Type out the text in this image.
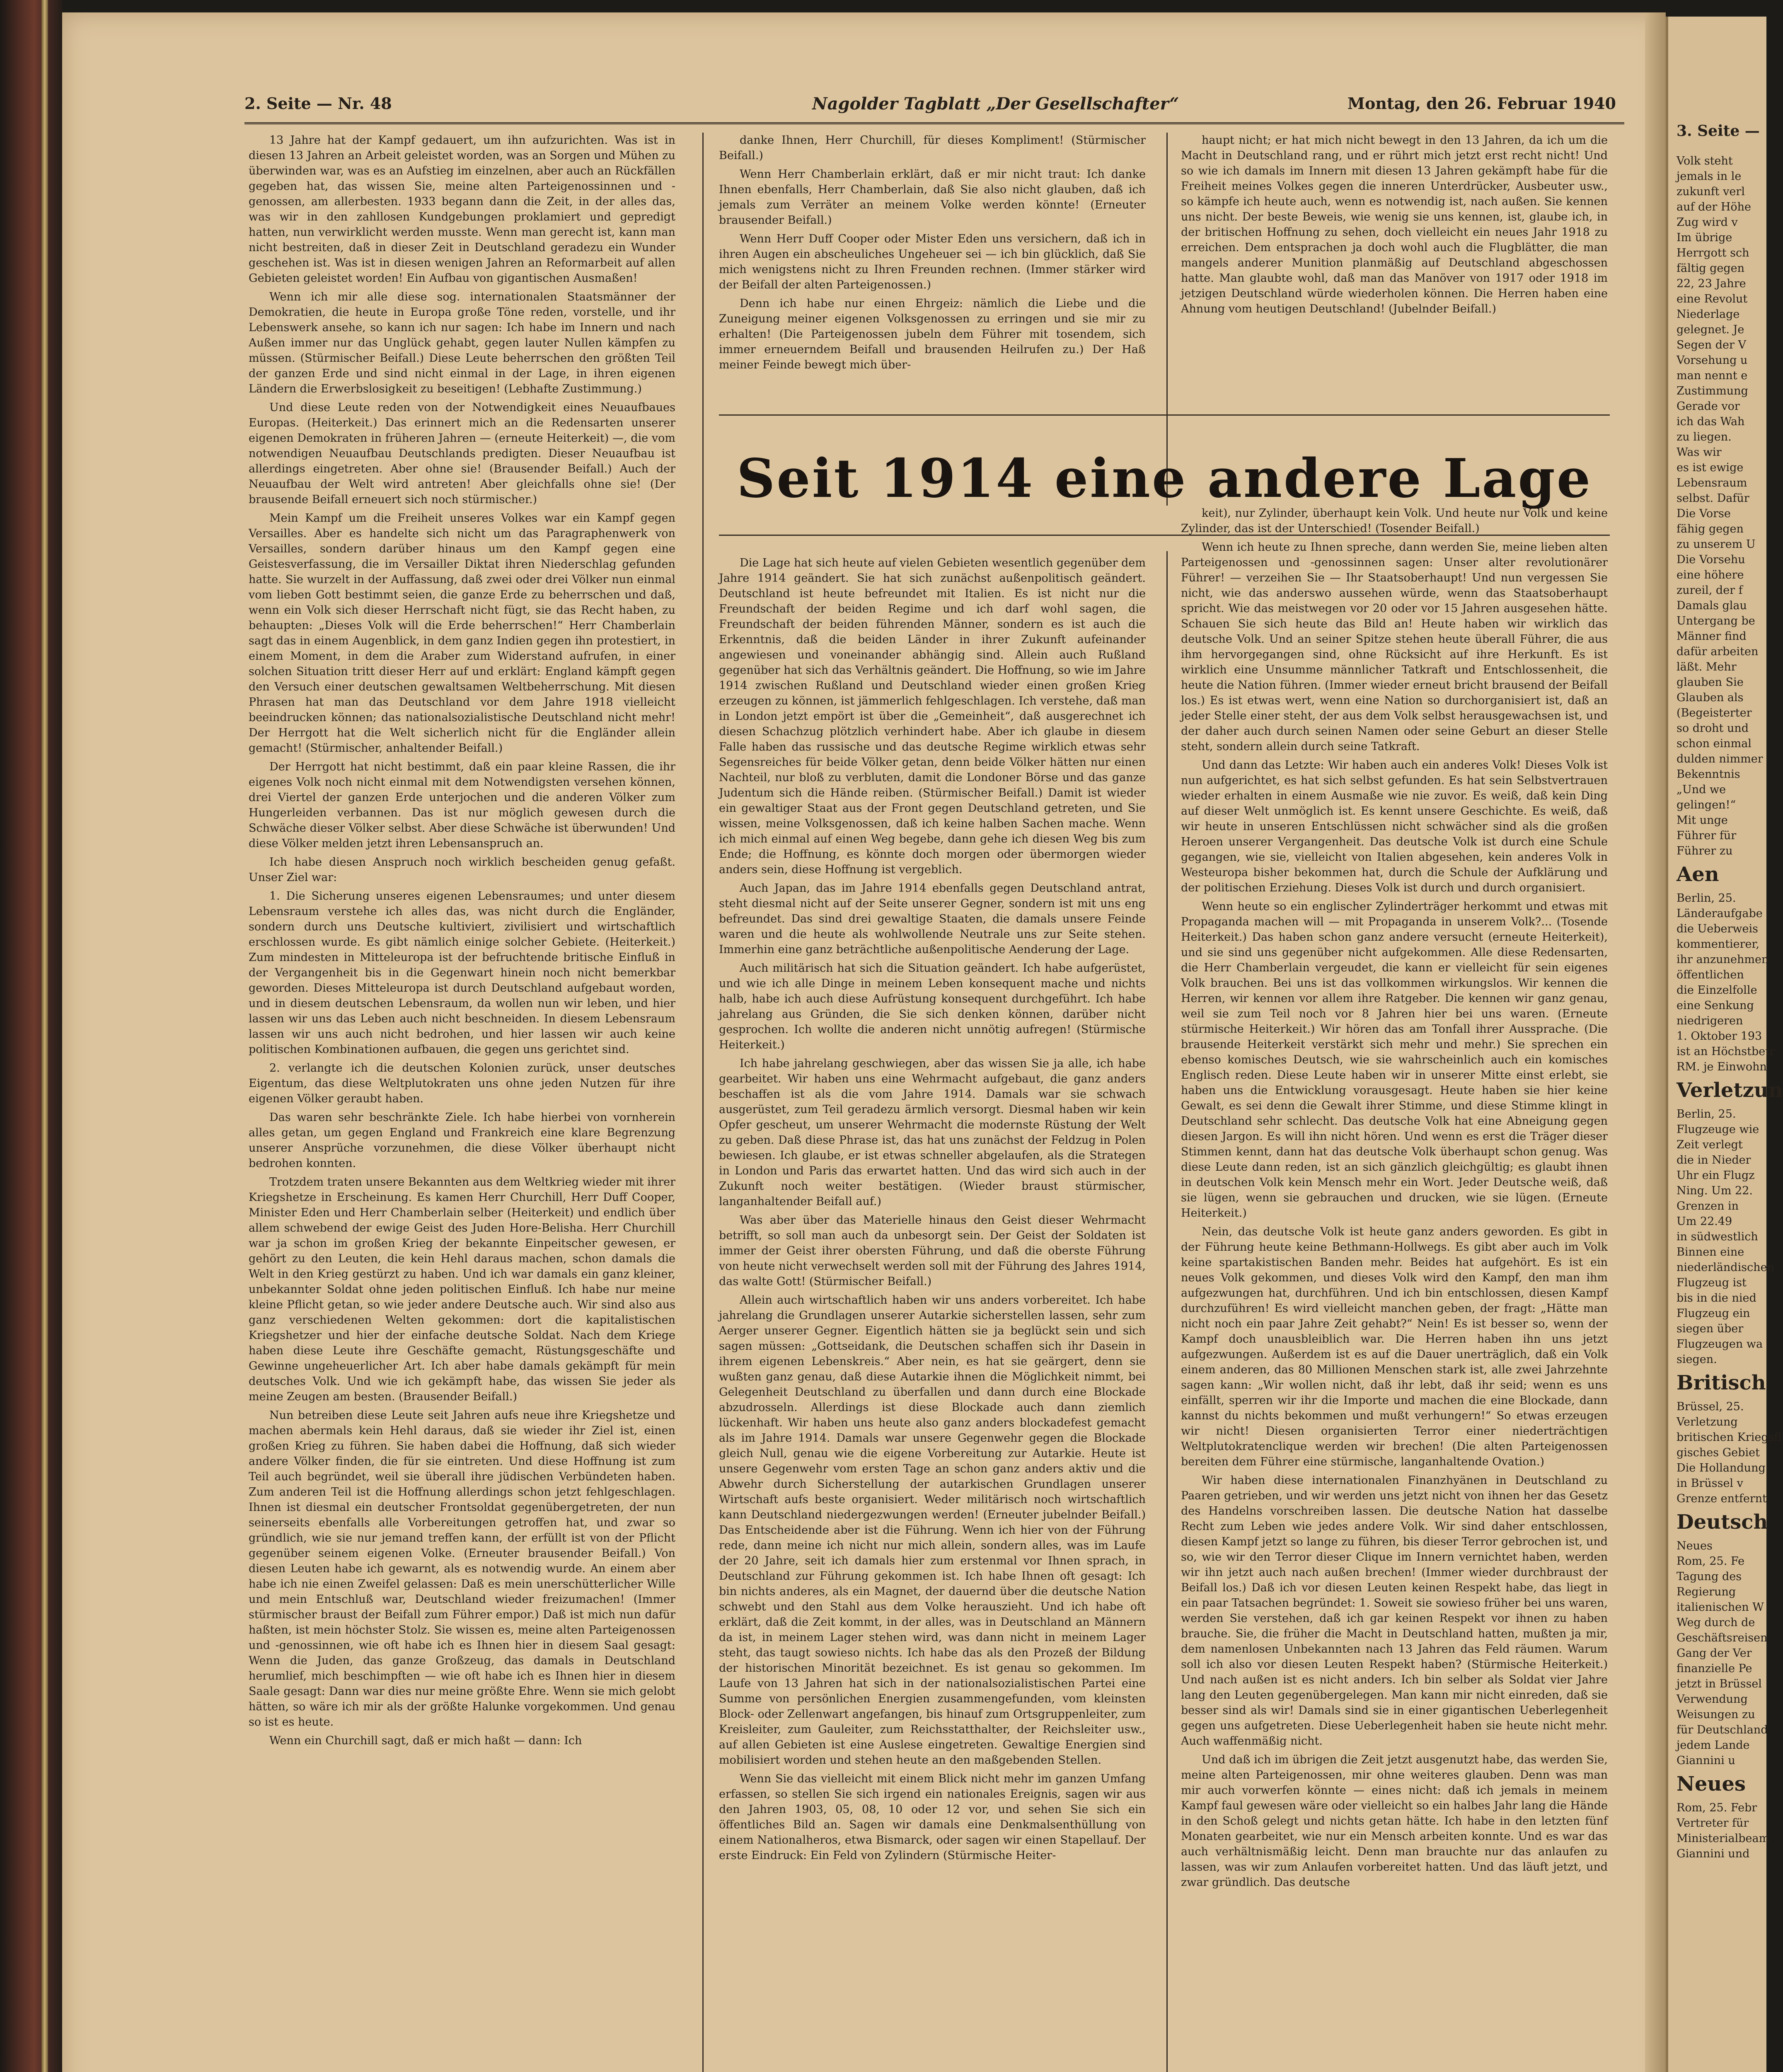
2. Seite — Nr. 48	Nagolder Tagblatt „Der Gesellschafter“	Montag, den 26. Februar 1940

13 Jahre hat der Kampf gedauert, um ihn aufzurichten. Was ist in diesen 13 Jahren an Arbeit geleistet worden, was an Sorgen und Mühen zu überwinden war, was es an Aufstieg im einzelnen, aber auch an Rückfällen gegeben hat, das wissen Sie, meine alten Parteigenossinnen und -genossen, am allerbesten. 1933 begann dann die Zeit, in der alles das, was wir in den zahllosen Kundgebungen proklamiert und gepredigt hatten, nun verwirklicht werden musste. Wenn man gerecht ist, kann man nicht bestreiten, daß in dieser Zeit in Deutschland geradezu ein Wunder geschehen ist. Was ist in diesen wenigen Jahren an Reformarbeit auf allen Gebieten geleistet worden! Ein Aufbau von gigantischen Ausmaßen!

Wenn ich mir alle diese sog. internationalen Staatsmänner der Demokratien, die heute in Europa große Töne reden, vorstelle, und ihr Lebenswerk ansehe, so kann ich nur sagen: Ich habe im Innern und nach Außen immer nur das Unglück gehabt, gegen lauter Nullen kämpfen zu müssen. (Stürmischer Beifall.) Diese Leute beherrschen den größten Teil der ganzen Erde und sind nicht einmal in der Lage, in ihren eigenen Ländern die Erwerbslosigkeit zu beseitigen! (Lebhafte Zustimmung.)

Und diese Leute reden von der Notwendigkeit eines Neuaufbaues Europas. (Heiterkeit.) Das erinnert mich an die Redensarten unserer eigenen Demokraten in früheren Jahren — (erneute Heiterkeit) —, die vom notwendigen Neuaufbau Deutschlands predigten. Dieser Neuaufbau ist allerdings eingetreten. Aber ohne sie! (Brausender Beifall.) Auch der Neuaufbau der Welt wird antreten! Aber gleichfalls ohne sie! (Der brausende Beifall erneuert sich noch stürmischer.)

Mein Kampf um die Freiheit unseres Volkes war ein Kampf gegen Versailles. Aber es handelte sich nicht um das Paragraphenwerk von Versailles, sondern darüber hinaus um den Kampf gegen eine Geistesverfassung, die im Versailler Diktat ihren Niederschlag gefunden hatte. Sie wurzelt in der Auffassung, daß zwei oder drei Völker nun einmal vom lieben Gott bestimmt seien, die ganze Erde zu beherrschen und daß, wenn ein Volk sich dieser Herrschaft nicht fügt, sie das Recht haben, zu behaupten: „Dieses Volk will die Erde beherrschen!“ Herr Chamberlain sagt das in einem Augenblick, in dem ganz Indien gegen ihn protestiert, in einem Moment, in dem die Araber zum Widerstand aufrufen, in einer solchen Situation tritt dieser Herr auf und erklärt: England kämpft gegen den Versuch einer deutschen gewaltsamen Weltbeherrschung. Mit diesen Phrasen hat man das Deutschland vor dem Jahre 1918 vielleicht beeindrucken können; das nationalsozialistische Deutschland nicht mehr! Der Herrgott hat die Welt sicherlich nicht für die Engländer allein gemacht! (Stürmischer, anhaltender Beifall.)

Der Herrgott hat nicht bestimmt, daß ein paar kleine Rassen, die ihr eigenes Volk noch nicht einmal mit dem Notwendigsten versehen können, drei Viertel der ganzen Erde unterjochen und die anderen Völker zum Hungerleiden verbannen. Das ist nur möglich gewesen durch die Schwäche dieser Völker selbst. Aber diese Schwäche ist überwunden! Und diese Völker melden jetzt ihren Lebensanspruch an.

Ich habe diesen Anspruch noch wirklich bescheiden genug gefaßt. Unser Ziel war:

1. Die Sicherung unseres eigenen Lebensraumes; und unter diesem Lebensraum verstehe ich alles das, was nicht durch die Engländer, sondern durch uns Deutsche kultiviert, zivilisiert und wirtschaftlich erschlossen wurde. Es gibt nämlich einige solcher Gebiete. (Heiterkeit.) Zum mindesten in Mitteleuropa ist der befruchtende britische Einfluß in der Vergangenheit bis in die Gegenwart hinein noch nicht bemerkbar geworden. Dieses Mitteleuropa ist durch Deutschland aufgebaut worden, und in diesem deutschen Lebensraum, da wollen nun wir leben, und hier lassen wir uns das Leben auch nicht beschneiden. In diesem Lebensraum lassen wir uns auch nicht bedrohen, und hier lassen wir auch keine politischen Kombinationen aufbauen, die gegen uns gerichtet sind.

2. verlangte ich die deutschen Kolonien zurück, unser deutsches Eigentum, das diese Weltplutokraten uns ohne jeden Nutzen für ihre eigenen Völker geraubt haben.

Das waren sehr beschränkte Ziele. Ich habe hierbei von vornherein alles getan, um gegen England und Frankreich eine klare Begrenzung unserer Ansprüche vorzunehmen, die diese Völker überhaupt nicht bedrohen konnten.

Trotzdem traten unsere Bekannten aus dem Weltkrieg wieder mit ihrer Kriegshetze in Erscheinung. Es kamen Herr Churchill, Herr Duff Cooper, Minister Eden und Herr Chamberlain selber (Heiterkeit) und endlich über allem schwebend der ewige Geist des Juden Hore-Belisha. Herr Churchill war ja schon im großen Krieg der bekannte Einpeitscher gewesen, er gehört zu den Leuten, die kein Hehl daraus machen, schon damals die Welt in den Krieg gestürzt zu haben. Und ich war damals ein ganz kleiner, unbekannter Soldat ohne jeden politischen Einfluß. Ich habe nur meine kleine Pflicht getan, so wie jeder andere Deutsche auch. Wir sind also aus ganz verschiedenen Welten gekommen: dort die kapitalistischen Kriegshetzer und hier der einfache deutsche Soldat. Nach dem Kriege haben diese Leute ihre Geschäfte gemacht, Rüstungsgeschäfte und Gewinne ungeheuerlicher Art. Ich aber habe damals gekämpft für mein deutsches Volk. Und wie ich gekämpft habe, das wissen Sie jeder als meine Zeugen am besten. (Brausender Beifall.)

Nun betreiben diese Leute seit Jahren aufs neue ihre Kriegshetze und machen abermals kein Hehl daraus, daß sie wieder ihr Ziel ist, einen großen Krieg zu führen. Sie haben dabei die Hoffnung, daß sich wieder andere Völker finden, die für sie eintreten. Und diese Hoffnung ist zum Teil auch begründet, weil sie überall ihre jüdischen Verbündeten haben. Zum anderen Teil ist die Hoffnung allerdings schon jetzt fehlgeschlagen. Ihnen ist diesmal ein deutscher Frontsoldat gegenübergetreten, der nun seinerseits ebenfalls alle Vorbereitungen getroffen hat, und zwar so gründlich, wie sie nur jemand treffen kann, der erfüllt ist von der Pflicht gegenüber seinem eigenen Volke. (Erneuter brausender Beifall.) Von diesen Leuten habe ich gewarnt, als es notwendig wurde. An einem aber habe ich nie einen Zweifel gelassen: Daß es mein unerschütterlicher Wille und mein Entschluß war, Deutschland wieder freizumachen! (Immer stürmischer braust der Beifall zum Führer empor.) Daß ist mich nun dafür haßten, ist mein höchster Stolz. Sie wissen es, meine alten Parteigenossen und -genossinnen, wie oft habe ich es Ihnen hier in diesem Saal gesagt: Wenn die Juden, das ganze Großzeug, das damals in Deutschland herumlief, mich beschimpften — wie oft habe ich es Ihnen hier in diesem Saale gesagt: Dann war dies nur meine größte Ehre. Wenn sie mich gelobt hätten, so wäre ich mir als der größte Halunke vorgekommen. Und genau so ist es heute.

Wenn ein Churchill sagt, daß er mich haßt — dann: Ich

danke Ihnen, Herr Churchill, für dieses Kompliment! (Stürmischer Beifall.)

Wenn Herr Chamberlain erklärt, daß er mir nicht traut: Ich danke Ihnen ebenfalls, Herr Chamberlain, daß Sie also nicht glauben, daß ich jemals zum Verräter an meinem Volke werden könnte! (Erneuter brausender Beifall.)

Wenn Herr Duff Cooper oder Mister Eden uns versichern, daß ich in ihren Augen ein abscheuliches Ungeheuer sei — ich bin glücklich, daß Sie mich wenigstens nicht zu Ihren Freunden rechnen. (Immer stärker wird der Beifall der alten Parteigenossen.)

Denn ich habe nur einen Ehrgeiz: nämlich die Liebe und die Zuneigung meiner eigenen Volksgenossen zu erringen und sie mir zu erhalten! (Die Parteigenossen jubeln dem Führer mit tosendem, sich immer erneuerndem Beifall und brausenden Heilrufen zu.) Der Haß meiner Feinde bewegt mich über-

haupt nicht; er hat mich nicht bewegt in den 13 Jahren, da ich um die Macht in Deutschland rang, und er rührt mich jetzt erst recht nicht! Und so wie ich damals im Innern mit diesen 13 Jahren gekämpft habe für die Freiheit meines Volkes gegen die inneren Unterdrücker, Ausbeuter usw., so kämpfe ich heute auch, wenn es notwendig ist, nach außen. Sie kennen uns nicht. Der beste Beweis, wie wenig sie uns kennen, ist, glaube ich, in der britischen Hoffnung zu sehen, doch vielleicht ein neues Jahr 1918 zu erreichen. Dem entsprachen ja doch wohl auch die Flugblätter, die man mangels anderer Munition planmäßig auf Deutschland abgeschossen hatte. Man glaubte wohl, daß man das Manöver von 1917 oder 1918 im jetzigen Deutschland würde wiederholen können. Die Herren haben eine Ahnung vom heutigen Deutschland! (Jubelnder Beifall.)

Seit 1914 eine andere Lage

Die Lage hat sich heute auf vielen Gebieten wesentlich gegenüber dem Jahre 1914 geändert. Sie hat sich zunächst außenpolitisch geändert. Deutschland ist heute befreundet mit Italien. Es ist nicht nur die Freundschaft der beiden Regime und ich darf wohl sagen, die Freundschaft der beiden führenden Männer, sondern es ist auch die Erkenntnis, daß die beiden Länder in ihrer Zukunft aufeinander angewiesen und voneinander abhängig sind. Allein auch Rußland gegenüber hat sich das Verhältnis geändert. Die Hoffnung, so wie im Jahre 1914 zwischen Rußland und Deutschland wieder einen großen Krieg erzeugen zu können, ist jämmerlich fehlgeschlagen. Ich verstehe, daß man in London jetzt empört ist über die „Gemeinheit“, daß ausgerechnet ich diesen Schachzug plötzlich verhindert habe. Aber ich glaube in diesem Falle haben das russische und das deutsche Regime wirklich etwas sehr Segensreiches für beide Völker getan, denn beide Völker hätten nur einen Nachteil, nur bloß zu verbluten, damit die Londoner Börse und das ganze Judentum sich die Hände reiben. (Stürmischer Beifall.) Damit ist wieder ein gewaltiger Staat aus der Front gegen Deutschland getreten, und Sie wissen, meine Volksgenossen, daß ich keine halben Sachen mache. Wenn ich mich einmal auf einen Weg begebe, dann gehe ich diesen Weg bis zum Ende; die Hoffnung, es könnte doch morgen oder übermorgen wieder anders sein, diese Hoffnung ist vergeblich.

Auch Japan, das im Jahre 1914 ebenfalls gegen Deutschland antrat, steht diesmal nicht auf der Seite unserer Gegner, sondern ist mit uns eng befreundet. Das sind drei gewaltige Staaten, die damals unsere Feinde waren und die heute als wohlwollende Neutrale uns zur Seite stehen. Immerhin eine ganz beträchtliche außenpolitische Aenderung der Lage.

Auch militärisch hat sich die Situation geändert. Ich habe aufgerüstet, und wie ich alle Dinge in meinem Leben konsequent mache und nichts halb, habe ich auch diese Aufrüstung konsequent durchgeführt. Ich habe jahrelang aus Gründen, die Sie sich denken können, darüber nicht gesprochen. Ich wollte die anderen nicht unnötig aufregen! (Stürmische Heiterkeit.)

Ich habe jahrelang geschwiegen, aber das wissen Sie ja alle, ich habe gearbeitet. Wir haben uns eine Wehrmacht aufgebaut, die ganz anders beschaffen ist als die vom Jahre 1914. Damals war sie schwach ausgerüstet, zum Teil geradezu ärmlich versorgt. Diesmal haben wir kein Opfer gescheut, um unserer Wehrmacht die modernste Rüstung der Welt zu geben. Daß diese Phrase ist, das hat uns zunächst der Feldzug in Polen bewiesen. Ich glaube, er ist etwas schneller abgelaufen, als die Strategen in London und Paris das erwartet hatten. Und das wird sich auch in der Zukunft noch weiter bestätigen. (Wieder braust stürmischer, langanhaltender Beifall auf.)

Was aber über das Materielle hinaus den Geist dieser Wehrmacht betrifft, so soll man auch da unbesorgt sein. Der Geist der Soldaten ist immer der Geist ihrer obersten Führung, und daß die oberste Führung von heute nicht verwechselt werden soll mit der Führung des Jahres 1914, das walte Gott! (Stürmischer Beifall.)

Allein auch wirtschaftlich haben wir uns anders vorbereitet. Ich habe jahrelang die Grundlagen unserer Autarkie sicherstellen lassen, sehr zum Aerger unserer Gegner. Eigentlich hätten sie ja beglückt sein und sich sagen müssen: „Gottseidank, die Deutschen schaffen sich ihr Dasein in ihrem eigenen Lebenskreis.“ Aber nein, es hat sie geärgert, denn sie wußten ganz genau, daß diese Autarkie ihnen die Möglichkeit nimmt, bei Gelegenheit Deutschland zu überfallen und dann durch eine Blockade abzudrosseln. Allerdings ist diese Blockade auch dann ziemlich lückenhaft. Wir haben uns heute also ganz anders blockadefest gemacht als im Jahre 1914. Damals war unsere Gegenwehr gegen die Blockade gleich Null, genau wie die eigene Vorbereitung zur Autarkie. Heute ist unsere Gegenwehr vom ersten Tage an schon ganz anders aktiv und die Abwehr durch Sicherstellung der autarkischen Grundlagen unserer Wirtschaft aufs beste organisiert. Weder militärisch noch wirtschaftlich kann Deutschland niedergezwungen werden! (Erneuter jubelnder Beifall.) Das Entscheidende aber ist die Führung. Wenn ich hier von der Führung rede, dann meine ich nicht nur mich allein, sondern alles, was im Laufe der 20 Jahre, seit ich damals hier zum erstenmal vor Ihnen sprach, in Deutschland zur Führung gekommen ist. Ich habe Ihnen oft gesagt: Ich bin nichts anderes, als ein Magnet, der dauernd über die deutsche Nation schwebt und den Stahl aus dem Volke herauszieht. Und ich habe oft erklärt, daß die Zeit kommt, in der alles, was in Deutschland an Männern da ist, in meinem Lager stehen wird, was dann nicht in meinem Lager steht, das taugt sowieso nichts. Ich habe das als den Prozeß der Bildung der historischen Minorität bezeichnet. Es ist genau so gekommen. Im Laufe von 13 Jahren hat sich in der nationalsozialistischen Partei eine Summe von persönlichen Energien zusammengefunden, vom kleinsten Block- oder Zellenwart angefangen, bis hinauf zum Ortsgruppenleiter, zum Kreisleiter, zum Gauleiter, zum Reichsstatthalter, der Reichsleiter usw., auf allen Gebieten ist eine Auslese eingetreten. Gewaltige Energien sind mobilisiert worden und stehen heute an den maßgebenden Stellen.

Wenn Sie das vielleicht mit einem Blick nicht mehr im ganzen Umfang erfassen, so stellen Sie sich irgend ein nationales Ereignis, sagen wir aus den Jahren 1903, 05, 08, 10 oder 12 vor, und sehen Sie sich ein öffentliches Bild an. Sagen wir damals eine Denkmalsenthüllung von einem Nationalheros, etwa Bismarck, oder sagen wir einen Stapellauf. Der erste Eindruck: Ein Feld von Zylindern (Stürmische Heiter-

keit), nur Zylinder, überhaupt kein Volk. Und heute nur Volk und keine Zylinder, das ist der Unterschied! (Tosender Beifall.)

Wenn ich heute zu Ihnen spreche, dann werden Sie, meine lieben alten Parteigenossen und -genossinnen sagen: Unser alter revolutionärer Führer! — verzeihen Sie — Ihr Staatsoberhaupt! Und nun vergessen Sie nicht, wie das anderswo aussehen würde, wenn das Staatsoberhaupt spricht. Wie das meistwegen vor 20 oder vor 15 Jahren ausgesehen hätte. Schauen Sie sich heute das Bild an! Heute haben wir wirklich das deutsche Volk. Und an seiner Spitze stehen heute überall Führer, die aus ihm hervorgegangen sind, ohne Rücksicht auf ihre Herkunft. Es ist wirklich eine Unsumme männlicher Tatkraft und Entschlossenheit, die heute die Nation führen. (Immer wieder erneut bricht brausend der Beifall los.) Es ist etwas wert, wenn eine Nation so durchorganisiert ist, daß an jeder Stelle einer steht, der aus dem Volk selbst herausgewachsen ist, und der daher auch durch seinen Namen oder seine Geburt an dieser Stelle steht, sondern allein durch seine Tatkraft.

Und dann das Letzte: Wir haben auch ein anderes Volk! Dieses Volk ist nun aufgerichtet, es hat sich selbst gefunden. Es hat sein Selbstvertrauen wieder erhalten in einem Ausmaße wie nie zuvor. Es weiß, daß kein Ding auf dieser Welt unmöglich ist. Es kennt unsere Geschichte. Es weiß, daß wir heute in unseren Entschlüssen nicht schwächer sind als die großen Heroen unserer Vergangenheit. Das deutsche Volk ist durch eine Schule gegangen, wie sie, vielleicht von Italien abgesehen, kein anderes Volk in Westeuropa bisher bekommen hat, durch die Schule der Aufklärung und der politischen Erziehung. Dieses Volk ist durch und durch organisiert.

Wenn heute so ein englischer Zylinderträger herkommt und etwas mit Propaganda machen will — mit Propaganda in unserem Volk?... (Tosende Heiterkeit.) Das haben schon ganz andere versucht (erneute Heiterkeit), und sie sind uns gegenüber nicht aufgekommen. Alle diese Redensarten, die Herr Chamberlain vergeudet, die kann er vielleicht für sein eigenes Volk brauchen. Bei uns ist das vollkommen wirkungslos. Wir kennen die Herren, wir kennen vor allem ihre Ratgeber. Die kennen wir ganz genau, weil sie zum Teil noch vor 8 Jahren hier bei uns waren. (Erneute stürmische Heiterkeit.) Wir hören das am Tonfall ihrer Aussprache. (Die brausende Heiterkeit verstärkt sich mehr und mehr.) Sie sprechen ein ebenso komisches Deutsch, wie sie wahrscheinlich auch ein komisches Englisch reden. Diese Leute haben wir in unserer Mitte einst erlebt, sie haben uns die Entwicklung vorausgesagt. Heute haben sie hier keine Gewalt, es sei denn die Gewalt ihrer Stimme, und diese Stimme klingt in Deutschland sehr schlecht. Das deutsche Volk hat eine Abneigung gegen diesen Jargon. Es will ihn nicht hören. Und wenn es erst die Träger dieser Stimmen kennt, dann hat das deutsche Volk überhaupt schon genug. Was diese Leute dann reden, ist an sich gänzlich gleichgültig; es glaubt ihnen in deutschen Volk kein Mensch mehr ein Wort. Jeder Deutsche weiß, daß sie lügen, wenn sie gebrauchen und drucken, wie sie lügen. (Erneute Heiterkeit.)

Nein, das deutsche Volk ist heute ganz anders geworden. Es gibt in der Führung heute keine Bethmann-Hollwegs. Es gibt aber auch im Volk keine spartakistischen Banden mehr. Beides hat aufgehört. Es ist ein neues Volk gekommen, und dieses Volk wird den Kampf, den man ihm aufgezwungen hat, durchführen. Und ich bin entschlossen, diesen Kampf durchzuführen! Es wird vielleicht manchen geben, der fragt: „Hätte man nicht noch ein paar Jahre Zeit gehabt?“ Nein! Es ist besser so, wenn der Kampf doch unausbleiblich war. Die Herren haben ihn uns jetzt aufgezwungen. Außerdem ist es auf die Dauer unerträglich, daß ein Volk einem anderen, das 80 Millionen Menschen stark ist, alle zwei Jahrzehnte sagen kann: „Wir wollen nicht, daß ihr lebt, daß ihr seid; wenn es uns einfällt, sperren wir ihr die Importe und machen die eine Blockade, dann kannst du nichts bekommen und mußt verhungern!“ So etwas erzeugen wir nicht! Diesen organisierten Terror einer niederträchtigen Weltplutokratenclique werden wir brechen! (Die alten Parteigenossen bereiten dem Führer eine stürmische, langanhaltende Ovation.)

Wir haben diese internationalen Finanzhyänen in Deutschland zu Paaren getrieben, und wir werden uns jetzt nicht von ihnen her das Gesetz des Handelns vorschreiben lassen. Die deutsche Nation hat dasselbe Recht zum Leben wie jedes andere Volk. Wir sind daher entschlossen, diesen Kampf jetzt so lange zu führen, bis dieser Terror gebrochen ist, und so, wie wir den Terror dieser Clique im Innern vernichtet haben, werden wir ihn jetzt auch nach außen brechen! (Immer wieder durchbraust der Beifall los.) Daß ich vor diesen Leuten keinen Respekt habe, das liegt in ein paar Tatsachen begründet: 1. Soweit sie sowieso früher bei uns waren, werden Sie verstehen, daß ich gar keinen Respekt vor ihnen zu haben brauche. Sie, die früher die Macht in Deutschland hatten, mußten ja mir, dem namenlosen Unbekannten nach 13 Jahren das Feld räumen. Warum soll ich also vor diesen Leuten Respekt haben? (Stürmische Heiterkeit.) Und nach außen ist es nicht anders. Ich bin selber als Soldat vier Jahre lang den Leuten gegenübergelegen. Man kann mir nicht einreden, daß sie besser sind als wir! Damals sind sie in einer gigantischen Ueberlegenheit gegen uns aufgetreten. Diese Ueberlegenheit haben sie heute nicht mehr. Auch waffenmäßig nicht.

Und daß ich im übrigen die Zeit jetzt ausgenutzt habe, das werden Sie, meine alten Parteigenossen, mir ohne weiteres glauben. Denn was man mir auch vorwerfen könnte — eines nicht: daß ich jemals in meinem Kampf faul gewesen wäre oder vielleicht so ein halbes Jahr lang die Hände in den Schoß gelegt und nichts getan hätte. Ich habe in den letzten fünf Monaten gearbeitet, wie nur ein Mensch arbeiten konnte. Und es war das auch verhältnismäßig leicht. Denn man brauchte nur das anlaufen zu lassen, was wir zum Anlaufen vorbereitet hatten. Und das läuft jetzt, und zwar gründlich. Das deutsche

3. Seite —
Volk steht
jemals in le
zukunft verl
auf der Höhe
Zug wird v
Im übrige
Herrgott sch
fältig gegen
22, 23 Jahre
eine Revolut
Niederlage
gelegnet. Je
Segen der V
Vorsehung u
man nennt e
Zustimmung
Gerade vor
ich das Wah
zu liegen.
Was wir
es ist ewige
Lebensraum
selbst. Dafür
Die Vorse
fähig gegen
zu unserem U
Die Vorsehu
eine höhere
zureil, der f
Damals glau
Untergang be
Männer find
dafür arbeiten
läßt. Mehr
glauben Sie
Glauben als
(Begeisterter
so droht und
schon einmal
dulden nimmer
Bekenntnis
„Und we
gelingen!“
Mit unge
Führer für
Führer zu
Aen
Berlin, 25.
Länderaufgabe
die Ueberweis
kommentierer,
ihr anzunehmen
öffentlichen
die Einzelfolle
eine Senkung
niedrigeren
1. Oktober 193
ist an Höchstbetr
RM. je Einwohn
Verletzun
Berlin, 25.
Flugzeuge wie
Zeit verlegt
die in Nieder
Uhr ein Flugz
Ning. Um 22.
Grenzen in
Um 22.49
in südwestlich
Binnen eine
niederländischen
Flugzeug ist
bis in die nied
Flugzeug ein
siegen über
Flugzeugen wa
siegen.
Britisch
Brüssel, 25.
Verletzung
britischen Kriegsfl
gisches Gebiet
Die Hollandung
in Brüssel v
Grenze entfernt
Deutsch
Neues
Rom, 25. Fe
Tagung des
Regierung
italienischen W
Weg durch de
Geschäftsreisen
Gang der Ver
finanzielle Pe
jetzt in Brüssel
Verwendung
Weisungen zu
für Deutschland
jedem Lande
Giannini u
Neues
Rom, 25. Febr
Vertreter für
Ministerialbeam
Giannini und
